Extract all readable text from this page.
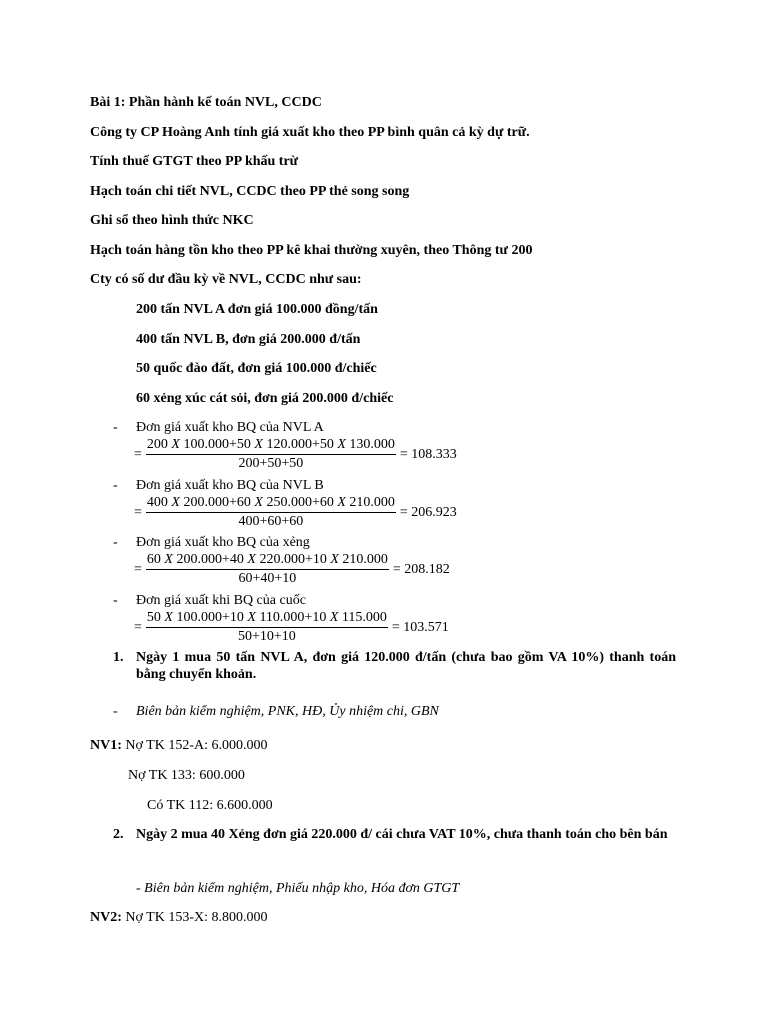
Bài 1: Phần hành kế toán NVL, CCDC
Công ty CP Hoàng Anh tính giá xuất kho theo PP bình quân cả kỳ dự trữ.
Tính thuế GTGT theo PP khấu trừ
Hạch toán chi tiết NVL, CCDC theo PP thẻ song song
Ghi sổ theo hình thức NKC
Hạch toán hàng tồn kho theo PP kê khai thường xuyên, theo Thông tư 200
Cty có số dư đầu kỳ về NVL, CCDC như sau:
200 tấn NVL A đơn giá 100.000 đồng/tấn
400 tấn NVL B, đơn giá 200.000 đ/tấn
50 quốc đào đất, đơn giá 100.000 đ/chiếc
60 xẻng xúc cát sỏi, đơn giá 200.000 đ/chiếc
- Đơn giá xuất kho BQ của NVL A
= $\frac{200 X 100.000+50 X 120.000+50 X 130.000}{200+50+50} = 108.333$
- Đơn giá xuất kho BQ của NVL B
= $\frac{400 X 200.000+60 X 250.000+60 X 210.000}{400+60+60} = 206.923$
- Đơn giá xuất kho BQ của xẻng
= $\frac{60 X 200.000+40 X 220.000+10 X 210.000}{60+40+10} = 208.182$
- Đơn giá xuất khi BQ của cuốc
= $\frac{50 X 100.000+10 X 110.000+10 X 115.000}{50+10+10} = 103.571$
1. Ngày 1 mua 50 tấn NVL A, đơn giá 120.000 đ/tấn (chưa bao gồm VA 10%) thanh toán bằng chuyển khoản.
- Biên bản kiểm nghiệm, PNK, HĐ, Ủy nhiệm chi, GBN
NV1: Nợ TK 152-A: 6.000.000
Nợ TK 133: 600.000
Có TK 112: 6.600.000
2. Ngày 2 mua 40 Xẻng đơn giá 220.000 đ/ cái chưa VAT 10%, chưa thanh toán cho bên bán
- Biên bản kiểm nghiệm, Phiếu nhập kho, Hóa đơn GTGT
NV2: Nợ TK 153-X: 8.800.000
